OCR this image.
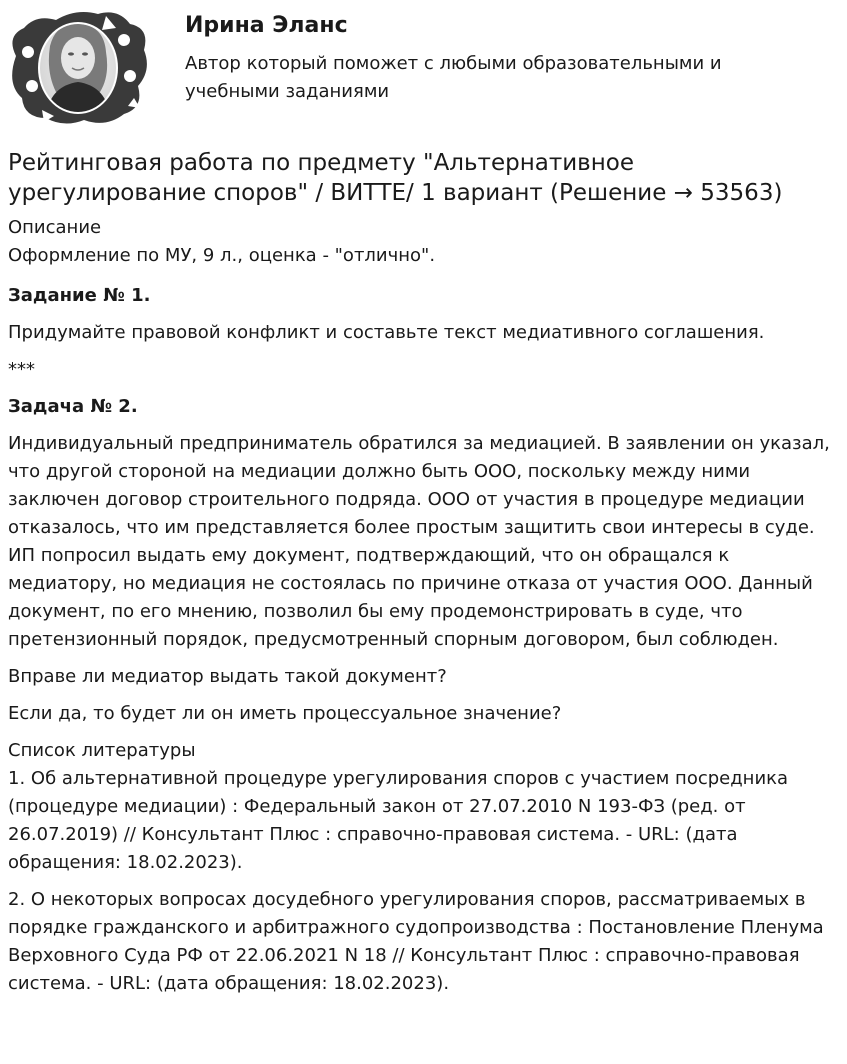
Ирина Эланс

Автор который поможет с любыми образовательными и учебными заданиями

Рейтинговая работа по предмету "Альтернативное урегулирование споров" / ВИТТЕ/ 1 вариант (Решение → 53563)

Описание

Оформление по МУ, 9 л., оценка - "отлично".

Задание № 1.

Придумайте правовой конфликт и составьте текст медиативного соглашения.

***

Задача № 2.

Индивидуальный предприниматель обратился за медиацией. В заявлении он указал, что другой стороной на медиации должно быть ООО, поскольку между ними заключен договор строительного подряда. ООО от участия в процедуре медиации отказалось, что им представляется более простым защитить свои интересы в суде. ИП попросил выдать ему документ, подтверждающий, что он обращался к медиатору, но медиация не состоялась по причине отказа от участия ООО. Данный документ, по его мнению, позволил бы ему продемонстрировать в суде, что претензионный порядок, предусмотренный спорным договором, был соблюден.

Вправе ли медиатор выдать такой документ?

Если да, то будет ли он иметь процессуальное значение?

Список литературы

1. Об альтернативной процедуре урегулирования споров с участием посредника (процедуре медиации) : Федеральный закон от 27.07.2010 N 193-ФЗ (ред. от 26.07.2019) // Консультант Плюс : справочно-правовая система. - URL: (дата обращения: 18.02.2023).

2. О некоторых вопросах досудебного урегулирования споров, рассматриваемых в порядке гражданского и арбитражного судопроизводства : Постановление Пленума Верховного Суда РФ от 22.06.2021 N 18 // Консультант Плюс : справочно-правовая система. - URL: (дата обращения: 18.02.2023).
